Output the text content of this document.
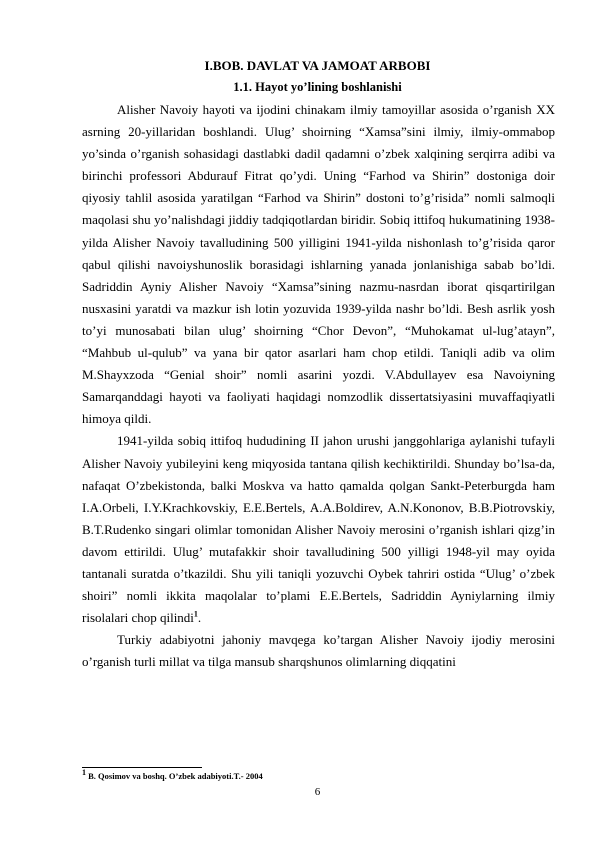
I.BOB. DAVLAT VA JAMOAT ARBOBI
1.1. Hayot yo’lining boshlanishi

Alisher Navoiy hayoti va ijodini chinakam ilmiy tamoyillar asosida o’rganish XX asrning 20-yillaridan boshlandi. Ulug’ shoirning “Xamsa”sini ilmiy, ilmiy-ommabop yo’sinda o’rganish sohasidagi dastlabki dadil qadamni o’zbek xalqining serqirra adibi va birinchi professori Abdurauf Fitrat qo’ydi. Uning “Farhod va Shirin” dostoniga doir qiyosiy tahlil asosida yaratilgan “Farhod va Shirin” dostoni to’g’risida” nomli salmoqli maqolasi shu yo’nalishdagi jiddiy tadqiqotlardan biridir. Sobiq ittifoq hukumatining 1938-yilda Alisher Navoiy tavalludining 500 yilligini 1941-yilda nishonlash to’g’risida qaror qabul qilishi navoiyshunoslik borasidagi ishlarning yanada jonlanishiga sabab bo’ldi. Sadriddin Ayniy Alisher Navoiy “Xamsa”sining nazmu-nasrdan iborat qisqartirilgan nusxasini yaratdi va mazkur ish lotin yozuvida 1939-yilda nashr bo’ldi. Besh asrlik yosh to’yi munosabati bilan ulug’ shoirning “Chor Devon”, “Muhokamat ul-lug’atayn”, “Mahbub ul-qulub” va yana bir qator asarlari ham chop etildi. Taniqli adib va olim M.Shayxzoda “Genial shoir” nomli asarini yozdi. V.Abdullayev esa Navoiyning Samarqanddagi hayoti va faoliyati haqidagi nomzodlik dissertatsiyasini muvaffaqiyatli himoya qildi.

1941-yilda sobiq ittifoq hududining II jahon urushi janggohlariga aylanishi tufayli Alisher Navoiy yubileyini keng miqyosida tantana qilish kechiktirildi. Shunday bo’lsa-da, nafaqat O’zbekistonda, balki Moskva va hatto qamalda qolgan Sankt-Peterburgda ham I.A.Orbeli, I.Y.Krachkovskiy, E.E.Bertels, A.A.Boldirev, A.N.Kononov, B.B.Piotrovskiy, B.T.Rudenko singari olimlar tomonidan Alisher Navoiy merosini o’rganish ishlari qizg’in davom ettirildi. Ulug’ mutafakkir shoir tavalludining 500 yilligi 1948-yil may oyida tantanali suratda o’tkazildi. Shu yili taniqli yozuvchi Oybek tahriri ostida “Ulug’ o’zbek shoiri” nomli ikkita maqolalar to’plami E.E.Bertels, Sadriddin Ayniylarning ilmiy risolalari chop qilindi$^1$.

Turkiy adabiyotni jahoniy mavqega ko’targan Alisher Navoiy ijodiy merosini o’rganish turli millat va tilga mansub sharqshunos olimlarning diqqatini

$^1$ B. Qosimov va boshq. O’zbek adabiyoti.T.- 2004
6
